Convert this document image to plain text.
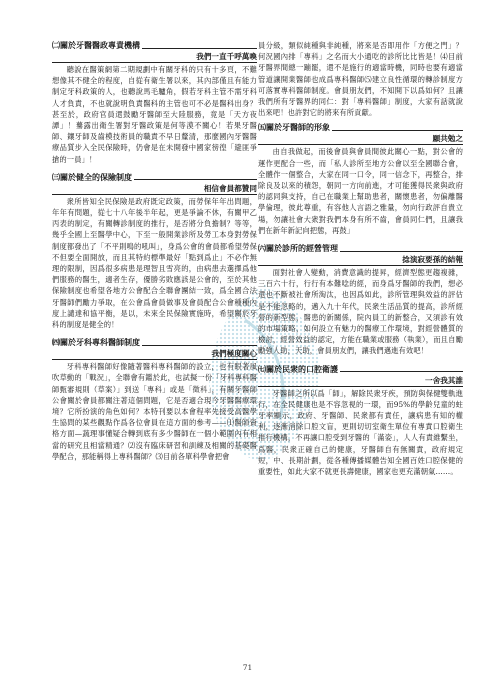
㈡關於牙醫醫政專責機構
我們一直千呼萬喚

聽說在醫策網第二期規劃中有關牙科的只有十多頁，不難想像其不健全的程度，自從有衛生署以來，其內部僅且有能力制定牙科政策的人，也聽說馬毛驢角，假若牙科主管不需牙科人才負責，不也就說明負責醫科的主管也可不必是醫科出身？甚至於，政府官員還鼓勵牙醫師至大陸服務，竟是「天方夜譚」！驀露出衛生署對牙醫政策是何等漠不關心！若果牙醫師、鑲牙師及齒模技術員的職責不早日釐清，那麼國內牙醫醫療品質步入全民保險時，仍會是在未開發中國家徬徨「避匪爭搶的一員」！

㈢關於健全的保險制度
相信會員都贊同

衆所皆知全民保險是政府既定政策，而勞保年年出問題，年年有問題，從七十八年後半年起，更是爭論不休，有關甲乙丙表的制定，有關轉診制度的推行，是否將分負擔制？等等，幾乎全國上至醫學中心，下至一般開業診所及勞工本身對勞保制度都發出了「不平則鳴的吼叫」，身爲公會的會員都希望勞保不但要全面開放，而且其特約標準最好「點到爲止」不必作無理的限制，因爲很多病患是理智且雪亮的，由病患去選擇爲他們服務的醫生，適者生存，優勝劣敗應該是公會的，至於其他保險制度也希望各地方公會配合全聯會團結一致，爲全國合法牙醫師們勵力爭取，在公會爲會員做事及會員配合公會種種內度上譴達和協平衡，是以，未來全民保險實施時，希望關於牙科的制度是健全的！

㈣關於牙科專科醫師制度
我們極度關心

牙科專科醫師好像隨著醫科專科醫師的設立，也有眼著風吹草動的「戰況」，全聯會有鑑於此，也試擬一份「牙科專科醫師甄審規則（草案）」到送「專科」或是「徵科」，有關牙醫師公會關於會員都關注著這個問題，它是否適合現今牙醫醫療環境？它所扮演的角色如何？本特刊要以本會程率先接受高醫學生協問的某些觀點作爲各位會員在這方面的參考——⑴醫師資格方面—蔬理事懂疑合轉到底有多少醫師在一個小範圍內有相當的研究且相當精通？⑵沒有臨床研習和訓練及相關的基礎醫學配合，那能稱得上專科醫師？⑶目前各單科學會把會

員分級，類似純種與非純種，將來是否即用作「方便之門」？何況國內排「專科」之名而大小通吃的診所比比皆是！⑷目前牙醫界間總一蹦罷，還不是施行的適當時機，同時也要有適當管道讓開業醫師也成爲專科醫師⑸建立良性循環的轉診制度方可落實專科醫師制度。會員朋友們，不知開下以爲如何？且讓我們所有牙醫界的同仁：對「專科醫師」制度，大家有話就說出來吧！也許對它的將來有所貢獻。

㈤關於牙醫師的形象
願共勉之

由自我做起，而後會員與會員間彼此關心一點，對公會的運作更配合一些，而「私人診所至地方公會以至全國聯合會，全體作一個整合，大家在同一口令，同一信念下，再整合，排除良及以來的積怨，朝同一方向前進，才可能獲得民衆與政府的認同與支持，自己在職業上幫助患者，關懷患者，勿偏離醫學倫理，彼此尊重，有容他人言語之雅量，勿向行政評自貴立場，勿讓社會大衆對我們本身有所不齒，會員同仁們，且讓我們在新年新記向把態，再鼓」

㈥關於診所的經營管理
捻演寂要孫的結報

面對社會人變動，消費意識的提昇，經濟型態更趨複雜，三百六十行，行行有本難唸的經，而身爲牙醫師的我們，想必還也不斷被社會所淘汰，也因爲如此，診所管理與效益的評估是不能忽略的，邁入九十年代，民衆生活品質的提高，診所經營的新型態，醫患的新關係，院內員工的新整合，又須診有效的市場策略，如何設立有魅力的醫療工作環境，對經營體質的檢討，經營效益的認定，方能在職業或服務（執業），而且自勵勵強人助，天助，會員朋友們，讓我們邁進有效吧！

㈦關於民衆的口腔衛護
一舍我其誰

牙醫師之所以爲「師」，解除民衆牙疾，預防與保健雙軌進行，在全民健康也是不容忽視的一環，而95%的學齡兒童的蛀牙率顯示，政府、牙醫師、民衆都有責任，讓病患有知的權利，逐漸消除口腔文盲，更則切切室衛生單位有專責口腔衛生推行機構，不再讓口腔受到牙醫的「滿姿」，人人有責維繫坐，爲醫，民衆正確自己的健康，牙醫師自有無關責，政府規定短，中、長期計劃，從各種傳播媒體告知全國百姓口腔保健的重要性，如此大家不就更長壽健康，國家也更充滿朝氣……。

71
